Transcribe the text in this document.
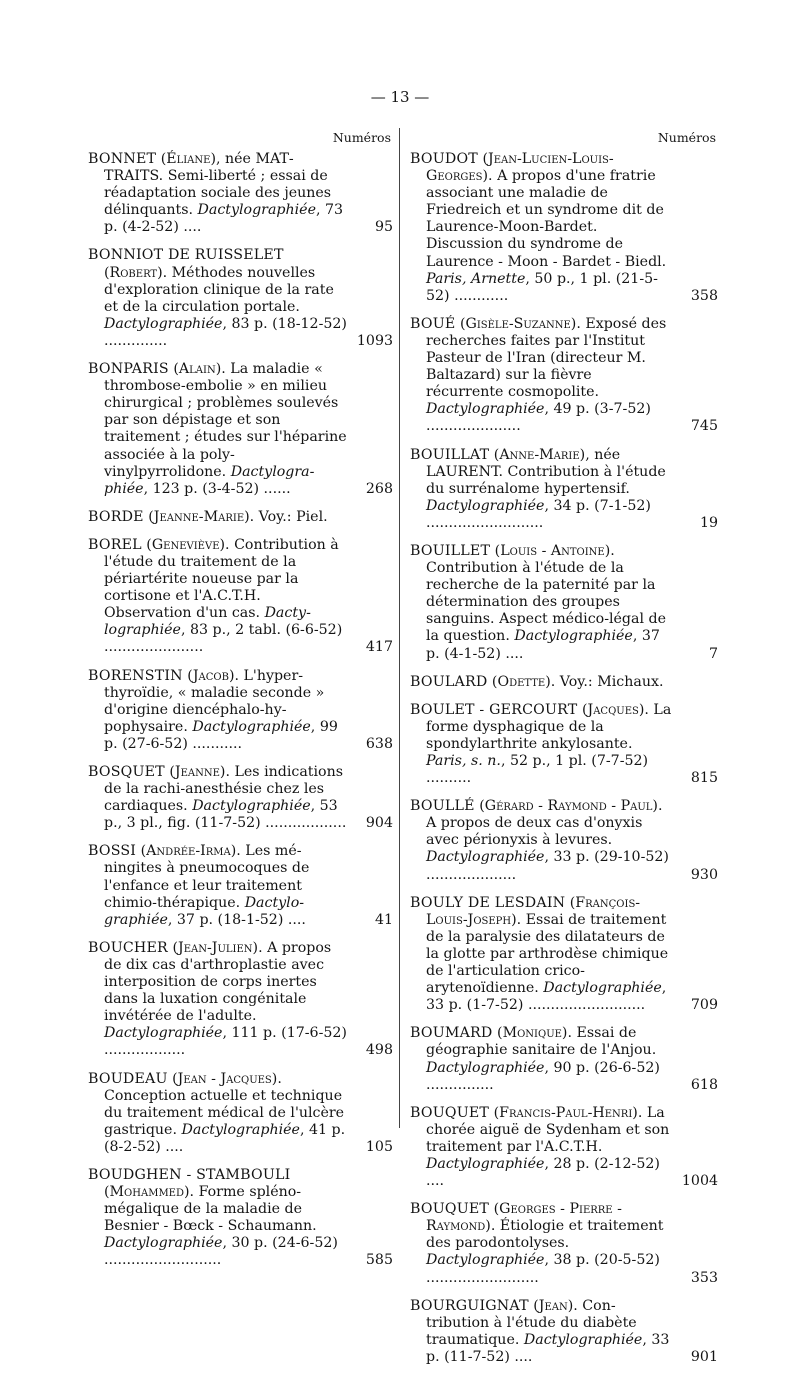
— 13 —
Numéros

BONNET (Éliane), née MATTRAITS. Semi-liberté ; essai de réadaptation sociale des jeunes délinquants. Dactylographiée, 73 p. (4-2-52) ....	95

BONNIOT DE RUISSELET (Robert). Méthodes nouvelles d'exploration clinique de la rate et de la circulation portale. Dactylographiée, 83 p. (18-12-52) ..............	1093

BONPARIS (Alain). La maladie « thrombose-embolie » en milieu chirurgical ; problèmes soulevés par son dépistage et son traitement ; études sur l'héparine associée à la polyvinylpyrrolidone. Dactylographiée, 123 p. (3-4-52) ......	268

BORDE (Jeanne-Marie). Voy.: Piel.

BOREL (Geneviève). Contribution à l'étude du traitement de la périartérite noueuse par la cortisone et l'A.C.T.H. Observation d'un cas. Dactylographiée, 83 p., 2 tabl. (6-6-52) ......................	417

BORENSTIN (Jacob). L'hyperthyroïdie, « maladie seconde » d'origine diencéphalo-hypophysaire. Dactylographiée, 99 p. (27-6-52) ...........	638

BOSQUET (Jeanne). Les indications de la rachi-anesthésie chez les cardiaques. Dactylographiée, 53 p., 3 pl., fig. (11-7-52) ..................	904

BOSSI (Andrée-Irma). Les méningites à pneumocoques de l'enfance et leur traitement chimio-thérapique. Dactylographiée, 37 p. (18-1-52) ....	41

BOUCHER (Jean-Julien). A propos de dix cas d'arthroplastie avec interposition de corps inertes dans la luxation congénitale invétérée de l'adulte. Dactylographiée, 111 p. (17-6-52) ..................	498

BOUDEAU (Jean - Jacques). Conception actuelle et technique du traitement médical de l'ulcère gastrique. Dactylographiée, 41 p. (8-2-52) ....	105

BOUDGHEN - STAMBOULI (Mohammed). Forme splénomégalique de la maladie de Besnier - Bœck - Schaumann. Dactylographiée, 30 p. (24-6-52) ..........................	585
Numéros

BOUDOT (Jean-Lucien-Louis-Georges). A propos d'une fratrie associant une maladie de Friedreich et un syndrome dit de Laurence-Moon-Bardet. Discussion du syndrome de Laurence - Moon - Bardet - Biedl. Paris, Arnette, 50 p., 1 pl. (21-5-52) ............	358

BOUÉ (Gisèle-Suzanne). Exposé des recherches faites par l'Institut Pasteur de l'Iran (directeur M. Baltazard) sur la fièvre récurrente cosmopolite. Dactylographiée, 49 p. (3-7-52) .....................	745

BOUILLAT (Anne-Marie), née LAURENT. Contribution à l'étude du surrénalome hypertensif. Dactylographiée, 34 p. (7-1-52) ..........................	19

BOUILLET (Louis - Antoine). Contribution à l'étude de la recherche de la paternité par la détermination des groupes sanguins. Aspect médico-légal de la question. Dactylographiée, 37 p. (4-1-52) ....	7

BOULARD (Odette). Voy.: Michaux.

BOULET - GERCOURT (Jacques). La forme dysphagique de la spondylarthrite ankylosante. Paris, s. n., 52 p., 1 pl. (7-7-52) ..........	815

BOULLÉ (Gérard - Raymond - Paul). A propos de deux cas d'onyxis avec périonyxis à levures. Dactylographiée, 33 p. (29-10-52) ....................	930

BOULY DE LESDAIN (François-Louis-Joseph). Essai de traitement de la paralysie des dilatateurs de la glotte par arthrodèse chimique de l'articulation crico-arytenoïdienne. Dactylographiée, 33 p. (1-7-52) ..........................	709

BOUMARD (Monique). Essai de géographie sanitaire de l'Anjou. Dactylographiée, 90 p. (26-6-52) ...............	618

BOUQUET (Francis-Paul-Henri). La chorée aiguë de Sydenham et son traitement par l'A.C.T.H. Dactylographiée, 28 p. (2-12-52) ....	1004

BOUQUET (Georges - Pierre - Raymond). Étiologie et traitement des parodontolyses. Dactylographiée, 38 p. (20-5-52) .........................	353

BOURGUIGNAT (Jean). Contribution à l'étude du diabète traumatique. Dactylographiée, 33 p. (11-7-52) ....	901
